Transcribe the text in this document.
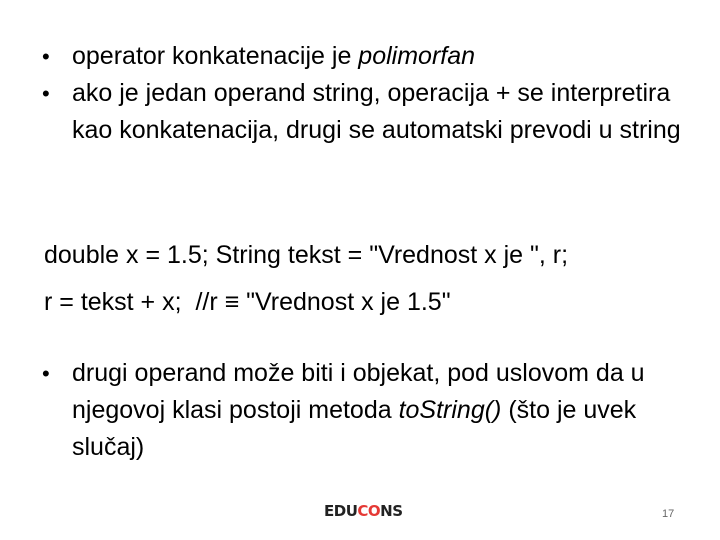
• operator konkatenacije je polimorfan
• ako je jedan operand string, operacija + se interpretira kao konkatenacija, drugi se automatski prevodi u string
double x = 1.5; String tekst = "Vrednost x je ", r;
r = tekst + x;  //r ≡ "Vrednost x je 1.5"
• drugi operand može biti i objekat, pod uslovom da u njegovoj klasi postoji metoda toString() (što je uvek slučaj)
EDUCONS	17
